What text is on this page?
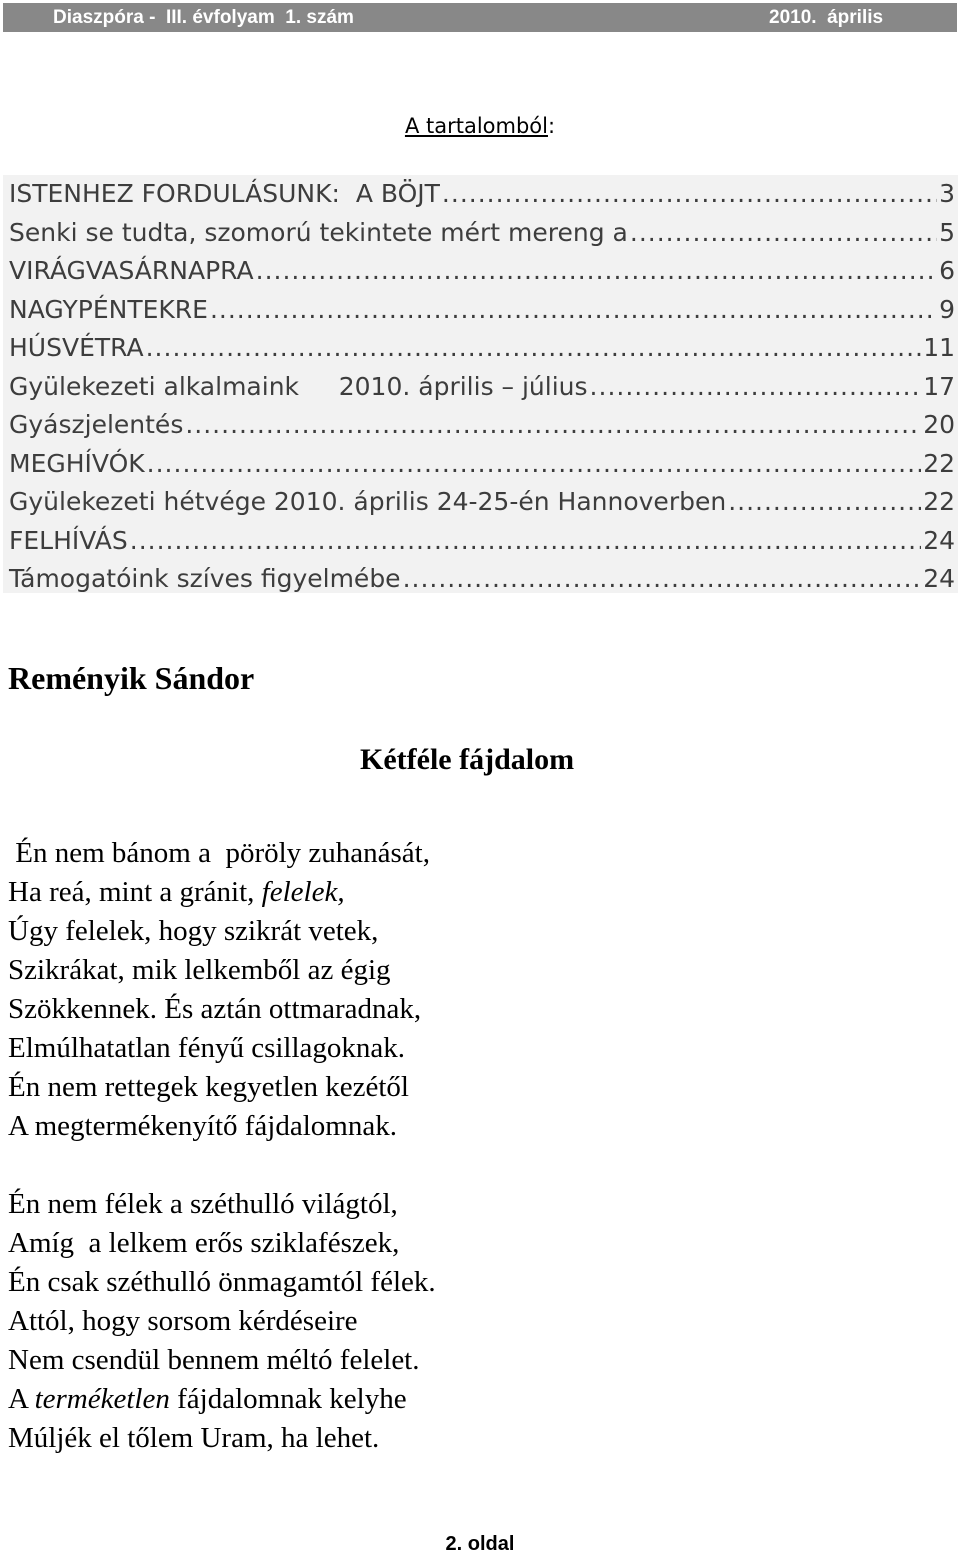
Diaszpóra -  III. évfolyam  1. szám	2010.  április
A tartalomból:
ISTENHEZ FORDULÁSUNK:  A BÖJT .....	3
Senki se tudta, szomorú tekintete mért mereng a .....	5
VIRÁGVASÁRNAPRA .....	6
NAGYPÉNTEKRE .....	9
HÚSVÉTRA .....	11
Gyülekezeti alkalmaink     2010. április – július .....	17
Gyászjelentés .....	20
MEGHÍVÓK .....	22
Gyülekezeti hétvége 2010. április 24-25-én Hannoverben .....	22
FELHÍVÁS .....	24
Támogatóink szíves figyelmébe .....	24
Reményik Sándor
Kétféle fájdalom
Én nem bánom a  pöröly zuhanását,
Ha reá, mint a gránit, felelek,
Úgy felelek, hogy szikrát vetek,
Szikrákat, mik lelkemből az égig
Szökkennek. És aztán ottmaradnak,
Elmúlhatatlan fényű csillagoknak.
Én nem rettegek kegyetlen kezétől
A megtermékenyítő fájdalomnak.
Én nem félek a széthulló világtól,
Amíg  a lelkem erős sziklafészek,
Én csak széthulló önmagamtól félek.
Attól, hogy sorsom kérdéseire
Nem csendül bennem méltó felelet.
A terméketlen fájdalomnak kelyhe
Múljék el tőlem Uram, ha lehet.
2. oldal
